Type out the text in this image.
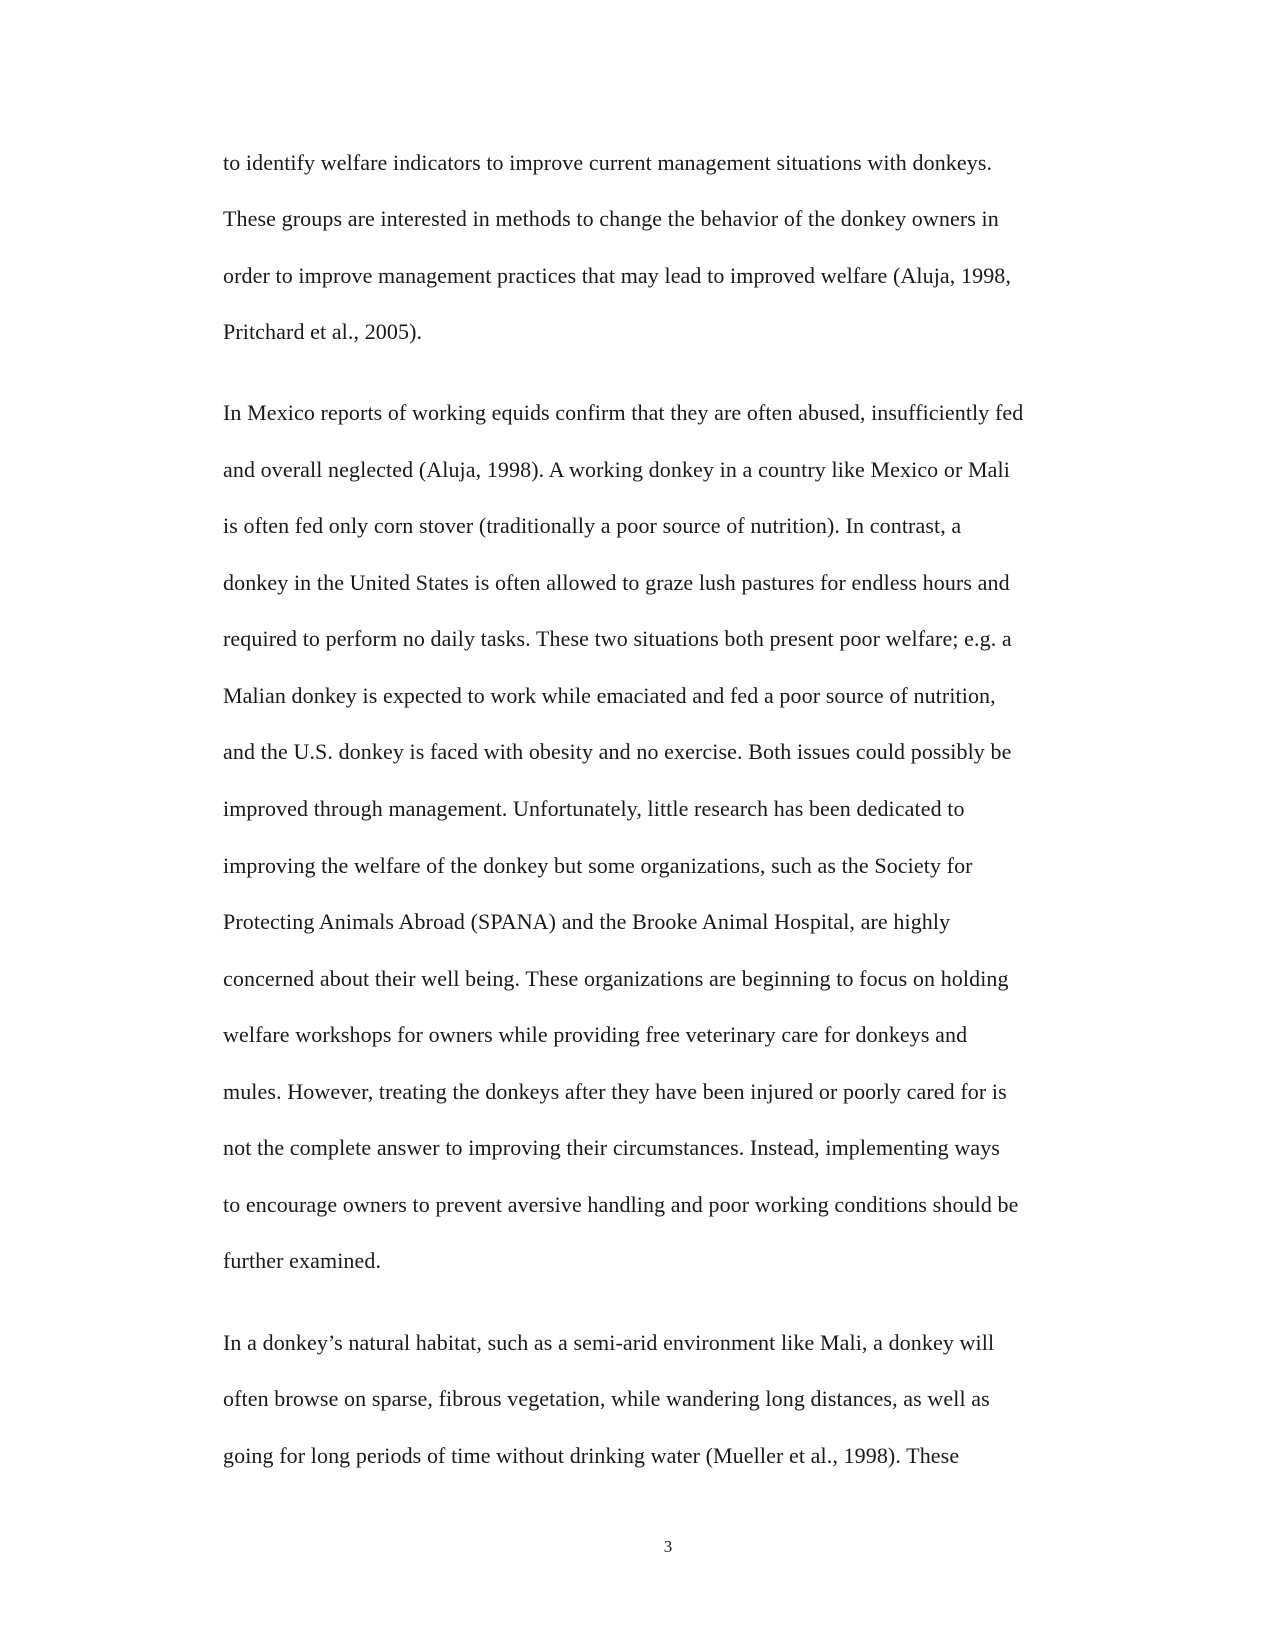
to identify welfare indicators to improve current management situations with donkeys.

These groups are interested in methods to change the behavior of the donkey owners in

order to improve management practices that may lead to improved welfare (Aluja, 1998,

Pritchard et al., 2005).

In Mexico reports of working equids confirm that they are often abused, insufficiently fed

and overall neglected (Aluja, 1998). A working donkey in a country like Mexico or Mali

is often fed only corn stover (traditionally a poor source of nutrition). In contrast, a

donkey in the United States is often allowed to graze lush pastures for endless hours and

required to perform no daily tasks. These two situations both present poor welfare; e.g. a

Malian donkey is expected to work while emaciated and fed a poor source of nutrition,

and the U.S. donkey is faced with obesity and no exercise. Both issues could possibly be

improved through management. Unfortunately, little research has been dedicated to

improving the welfare of the donkey but some organizations, such as the Society for

Protecting Animals Abroad (SPANA) and the Brooke Animal Hospital, are highly

concerned about their well being. These organizations are beginning to focus on holding

welfare workshops for owners while providing free veterinary care for donkeys and

mules. However, treating the donkeys after they have been injured or poorly cared for is

not the complete answer to improving their circumstances. Instead, implementing ways

to encourage owners to prevent aversive handling and poor working conditions should be

further examined.

In a donkey’s natural habitat, such as a semi-arid environment like Mali, a donkey will

often browse on sparse, fibrous vegetation, while wandering long distances, as well as

going for long periods of time without drinking water (Mueller et al., 1998). These

3
